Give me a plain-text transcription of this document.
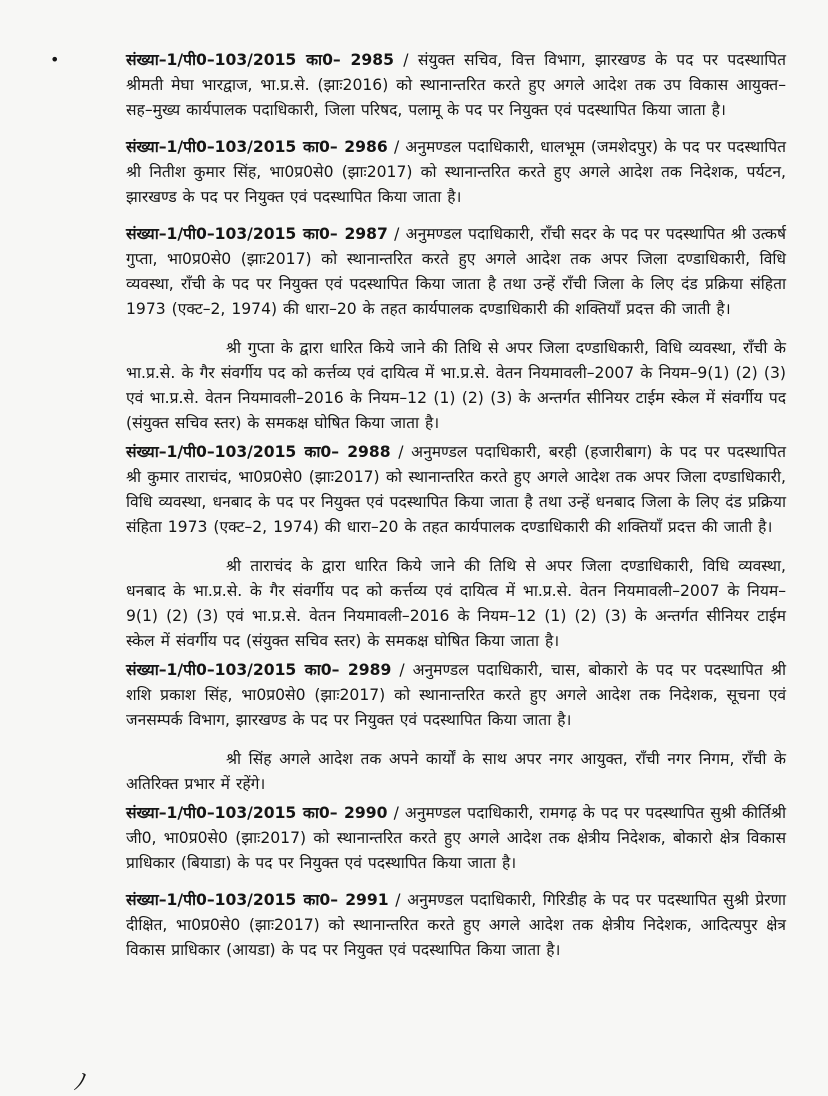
•	संख्या–1/पी0–103/2015 का0– 2985 / संयुक्त सचिव, वित्त विभाग, झारखण्ड के पद पर पदस्थापित श्रीमती मेघा भारद्वाज, भा.प्र.से. (झाः2016) को स्थानान्तरित करते हुए अगले आदेश तक उप विकास आयुक्त–सह–मुख्य कार्यपालक पदाधिकारी, जिला परिषद, पलामू के पद पर नियुक्त एवं पदस्थापित किया जाता है।

संख्या–1/पी0–103/2015 का0– 2986 / अनुमण्डल पदाधिकारी, धालभूम (जमशेदपुर) के पद पर पदस्थापित श्री नितीश कुमार सिंह, भा0प्र0से0 (झाः2017) को स्थानान्तरित करते हुए अगले आदेश तक निदेशक, पर्यटन, झारखण्ड के पद पर नियुक्त एवं पदस्थापित किया जाता है।

संख्या–1/पी0–103/2015 का0– 2987 / अनुमण्डल पदाधिकारी, राँची सदर के पद पर पदस्थापित श्री उत्कर्ष गुप्ता, भा0प्र0से0 (झाः2017) को स्थानान्तरित करते हुए अगले आदेश तक अपर जिला दण्डाधिकारी, विधि व्यवस्था, राँची के पद पर नियुक्त एवं पदस्थापित किया जाता है तथा उन्हें राँची जिला के लिए दंड प्रक्रिया संहिता 1973 (एक्ट–2, 1974) की धारा–20 के तहत कार्यपालक दण्डाधिकारी की शक्तियाँ प्रदत्त की जाती है।

श्री गुप्ता के द्वारा धारित किये जाने की तिथि से अपर जिला दण्डाधिकारी, विधि व्यवस्था, राँची के भा.प्र.से. के गैर संवर्गीय पद को कर्त्तव्य एवं दायित्व में भा.प्र.से. वेतन नियमावली–2007 के नियम–9(1) (2) (3) एवं भा.प्र.से. वेतन नियमावली–2016 के नियम–12 (1) (2) (3) के अन्तर्गत सीनियर टाईम स्केल में संवर्गीय पद (संयुक्त सचिव स्तर) के समकक्ष घोषित किया जाता है।

संख्या–1/पी0–103/2015 का0– 2988 / अनुमण्डल पदाधिकारी, बरही (हजारीबाग) के पद पर पदस्थापित श्री कुमार ताराचंद, भा0प्र0से0 (झाः2017) को स्थानान्तरित करते हुए अगले आदेश तक अपर जिला दण्डाधिकारी, विधि व्यवस्था, धनबाद के पद पर नियुक्त एवं पदस्थापित किया जाता है तथा उन्हें धनबाद जिला के लिए दंड प्रक्रिया संहिता 1973 (एक्ट–2, 1974) की धारा–20 के तहत कार्यपालक दण्डाधिकारी की शक्तियाँ प्रदत्त की जाती है।

श्री ताराचंद के द्वारा धारित किये जाने की तिथि से अपर जिला दण्डाधिकारी, विधि व्यवस्था, धनबाद के भा.प्र.से. के गैर संवर्गीय पद को कर्त्तव्य एवं दायित्व में भा.प्र.से. वेतन नियमावली–2007 के नियम–9(1) (2) (3) एवं भा.प्र.से. वेतन नियमावली–2016 के नियम–12 (1) (2) (3) के अन्तर्गत सीनियर टाईम स्केल में संवर्गीय पद (संयुक्त सचिव स्तर) के समकक्ष घोषित किया जाता है।

संख्या–1/पी0–103/2015 का0– 2989 / अनुमण्डल पदाधिकारी, चास, बोकारो के पद पर पदस्थापित श्री शशि प्रकाश सिंह, भा0प्र0से0 (झाः2017) को स्थानान्तरित करते हुए अगले आदेश तक निदेशक, सूचना एवं जनसम्पर्क विभाग, झारखण्ड के पद पर नियुक्त एवं पदस्थापित किया जाता है।

श्री सिंह अगले आदेश तक अपने कार्यों के साथ अपर नगर आयुक्त, राँची नगर निगम, राँची के अतिरिक्त प्रभार में रहेंगे।

संख्या–1/पी0–103/2015 का0– 2990 / अनुमण्डल पदाधिकारी, रामगढ़ के पद पर पदस्थापित सुश्री कीर्तिश्री जी0, भा0प्र0से0 (झाः2017) को स्थानान्तरित करते हुए अगले आदेश तक क्षेत्रीय निदेशक, बोकारो क्षेत्र विकास प्राधिकार (बियाडा) के पद पर नियुक्त एवं पदस्थापित किया जाता है।

संख्या–1/पी0–103/2015 का0– 2991 / अनुमण्डल पदाधिकारी, गिरिडीह के पद पर पदस्थापित सुश्री प्रेरणा दीक्षित, भा0प्र0से0 (झाः2017) को स्थानान्तरित करते हुए अगले आदेश तक क्षेत्रीय निदेशक, आदित्यपुर क्षेत्र विकास प्राधिकार (आयडा) के पद पर नियुक्त एवं पदस्थापित किया जाता है।

ノ
